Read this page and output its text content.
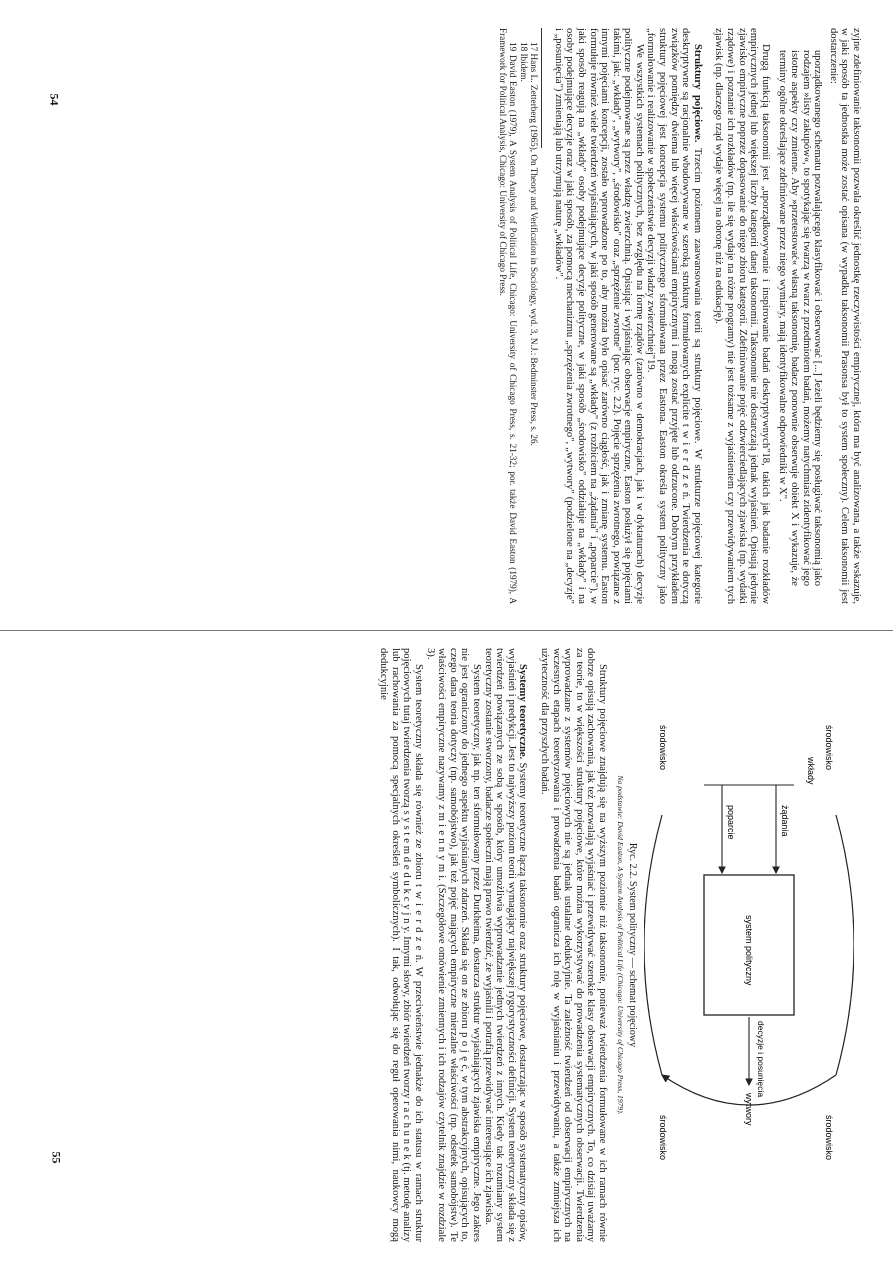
zyjne zdefiniowanie taksonomii pozwala określić jednostkę rzeczywistości empirycznej, która ma być analizowana, a także wskazuje, w jaki sposób ta jednostka może zostać opisana (w wypadku taksonomii Prasonsa był to system społeczny). Celem taksonomii jest dostarczenie:

uporządkowanego schematu pozwalającego klasyfikować i obserwować [...] Jeżeli będziemy się posługiwać taksonomią jako rodzajem »listy zakupów«, to spotykając się twarzą w twarz z przedmiotem badań, możemy natychmiast zidentyfikować jego istotne aspekty czy zmienne. Aby »przetestować« własną taksonomię, badacz ponownie obserwuje obiekt X i wykazuje, że terminy ogólne określające zdefiniowane przez niego wymiary, mają identyfikowalne odpowiedniki w X".

Drugą funkcją taksonomii jest „uporządkowywanie i inspirowanie badań deskryptywnych"18, takich jak badanie rozkładów empirycznych jednej lub większej liczby kategorii danej taksonomii. Taksonomie nie dostarczają jednak wyjaśnień. Opisują jedynie zjawisko empiryczne poprzez dopasowanie do niego zbioru kategorii. Zdefiniowanie pojęć odzwierciedlających zjawiska (np. wydatki rządowe) i poznanie ich rozkładów (np. ile się wydaje na różne programy) nie jest tożsame z wyjaśnieniem czy przewidywaniem tych zjawisk (np. dlaczego rząd wydaje więcej na obronę niż na edukację).

Struktury pojęciowe. Trzecim poziomem zaawansowania teorii są struktury pojęciowe. W strukturze pojęciowej kategorie deskryptywne są racjonalnie wbudowywane w szeroką strukturę formułowanych explicite t w i e r d z e ń. Twierdzenia te dotyczą związków pomiędzy dwiema lub więcej właściwościami empirycznymi i mogą zostać przyjęte lub odrzucone. Dobrym przykładem struktury pojęciowej jest koncepcja systemu politycznego sformułowana przez Eastona. Easton określa system polityczny jako „formułowanie i realizowanie w społeczeństwie decyzji władzy zwierzchniej"19.

We wszystkich systemach politycznych, bez względu na formę rządów (zarówno w demokracjach, jak i w dyktaturach) decyzje polityczne podejmowane są przez władzę zwierzchnią. Opisując i wyjaśniając obserwacje empiryczne, Easton posłużył się pojęciami takimi, jak: „wkłady", „wytwory", „środowisko" oraz „sprzężenie zwrotne" (por. ryc. 2.2). Pojęcie sprzężenia zwrotnego, powiązane z innymi pojęciami koncepcji, zostało wprowadzone po to, aby można było opisać zarówno ciągłość, jak i zmianę systemu. Easton formułuje również wiele twierdzeń wyjaśniających, w jaki sposób generowane są „wkłady" (z rozbiciem na „żądania" i „poparcie"), w jaki sposób reagują na „wkłady" osoby podejmujące decyzje polityczne, w jaki sposób „środowisko" oddziałuje na „wkłady" i na osoby podejmujące decyzje oraz w jaki sposób, za pomocą mechanizmu „sprzężenia zwrotnego", „wytwory" (podzielone na „decyzje" i „posunięcia") zmieniają lub utrzymują naturę „wkładów".

17 Hans L. Zetterberg (1965), On Theory and Verification in Sociology, wyd. 3, N.J.: Bedminster Press, s. 26.

18 Ibidem.

19 David Easton (1979), A System Analysis of Political Life, Chicago: University of Chicago Press, s. 21-32; por. także David Easton (1979), A Framework for Political Analysis, Chicago: University of Chicago Press.

54
środowisko
środowisko
środowisko
środowisko
żądania
poparcie
wkłady
system polityczny
decyzje i posunięcia
wytwory
Ryc. 2.2. System polityczny — schemat pojęciowy
Na podstawie: David Easton, A System Analysis of Political Life (Chicago: University of Chicago Press, 1979).

Struktury pojęciowe znajdują się na wyższym poziomie niż taksonomie, ponieważ twierdzenia formułowane w ich ramach równie dobrze opisują zachowania, jak też pozwalają wyjaśniać i przewidywać szerokie klasy obserwacji empirycznych. To, co dzisiaj uważamy za teorie, to w większości struktury pojęciowe, które można wykorzystywać do prowadzenia systematycznych obserwacji. Twierdzenia wyprowadzane z systemów pojęciowych nie są jednak ustalane dedukcyjnie. Ta zależność twierdzeń od obserwacji empirycznych na wczesnych etapach teoretyzowania i prowadzenia badań ogranicza ich rolę w wyjaśnianiu i przewidywaniu, a także zmniejsza ich użyteczność dla przyszłych badań.

Systemy teoretyczne. Systemy teoretyczne łączą taksonomie oraz struktury pojęciowe, dostarczając w sposób systematyczny opisów, wyjaśnień i predykcji. Jest to najwyższy poziom teorii wymagający największej rygorystyczności definicji. System teoretyczny składa się z twierdzeń powiązanych ze sobą w sposób, który umożliwia wyprowadzanie jednych twierdzeń z innych. Kiedy tak rozumiany system teoretyczny zostanie stworzony, badacze społeczni mają prawo twierdzić, że wyjaśnili i potrafią przewidywać interesujące ich zjawiska.

System teoretyczny, jak np. ten sformułowany przez Durkheima, dostarcza struktur wyjaśniających zjawiska empiryczne. Jego zakres nie jest ograniczony do jednego aspektu wyjaśnianych zdarzeń. Składa się on ze zbioru p o j ę ć, w tym abstrakcyjnych, opisujących to, czego dana teoria dotyczy (np. samobójstwo), jak też pojęć mających empiryczne mierzalne właściwości (np. odsetek samobójstw). Te właściwości empiryczne nazywamy z m i e n n y m i. (Szczegółowe omówienie zmiennych i ich rodzajów czytelnik znajdzie w rozdziale 3).

System teoretyczny składa się również ze zbioru t w i e r d z e ń. W przeciwieństwie jednakże do ich statusu w ramach struktur pojęciowych tutaj twierdzenia tworzą s y s t e m d e d u k c y j n y. Innymi słowy, zbiór twierdzeń tworzy r a c h u n e k (tj. metodę analizy lub rachowania za pomocą specjalnych określeń symbolicznych). I tak, odwołując się do reguł operowania nimi, naukowcy mogą dedukcyjnie

55
